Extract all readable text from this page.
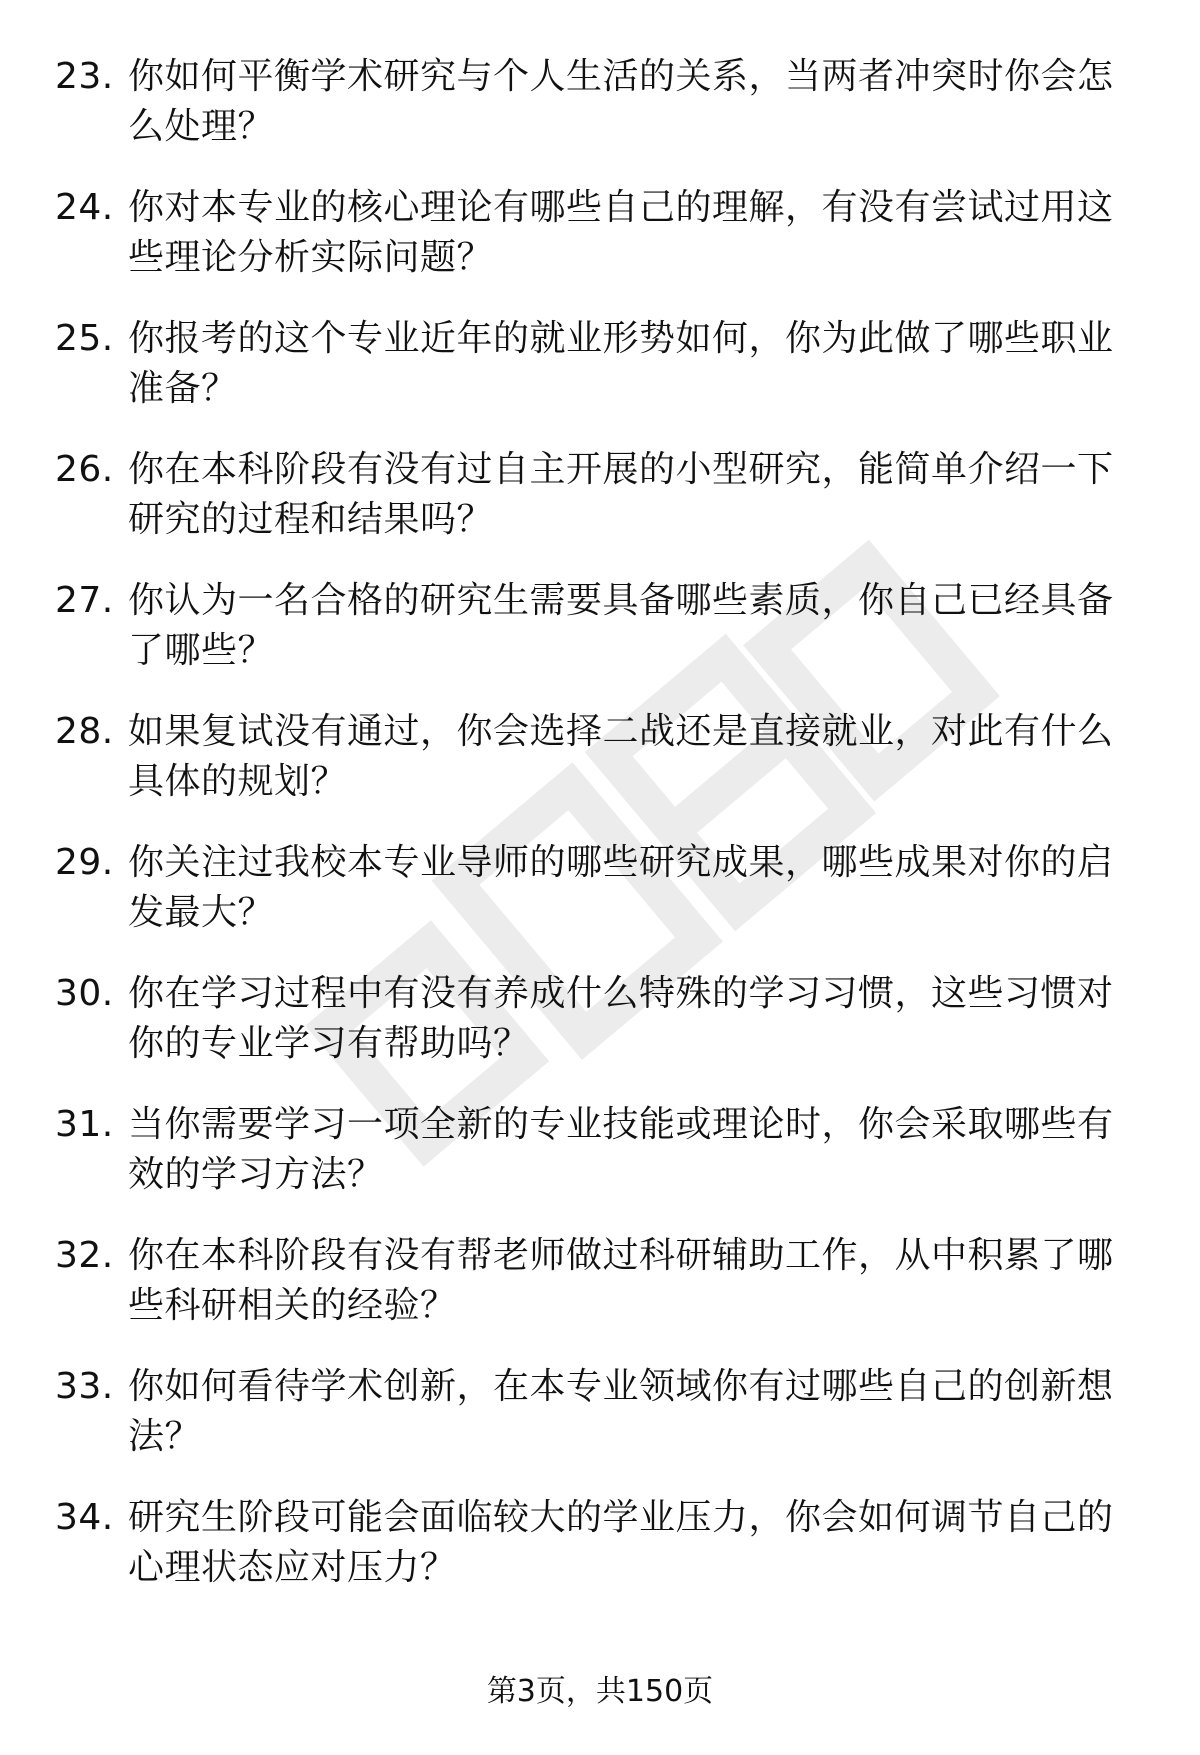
23. 你如何平衡学术研究与个人生活的关系，当两者冲突时你会怎么处理？
24. 你对本专业的核心理论有哪些自己的理解，有没有尝试过用这些理论分析实际问题？
25. 你报考的这个专业近年的就业形势如何，你为此做了哪些职业准备？
26. 你在本科阶段有没有过自主开展的小型研究，能简单介绍一下研究的过程和结果吗？
27. 你认为一名合格的研究生需要具备哪些素质，你自己已经具备了哪些？
28. 如果复试没有通过，你会选择二战还是直接就业，对此有什么具体的规划？
29. 你关注过我校本专业导师的哪些研究成果，哪些成果对你的启发最大？
30. 你在学习过程中有没有养成什么特殊的学习习惯，这些习惯对你的专业学习有帮助吗？
31. 当你需要学习一项全新的专业技能或理论时，你会采取哪些有效的学习方法？
32. 你在本科阶段有没有帮老师做过科研辅助工作，从中积累了哪些科研相关的经验？
33. 你如何看待学术创新，在本专业领域你有过哪些自己的创新想法？
34. 研究生阶段可能会面临较大的学业压力，你会如何调节自己的心理状态应对压力？
第3页，共150页
